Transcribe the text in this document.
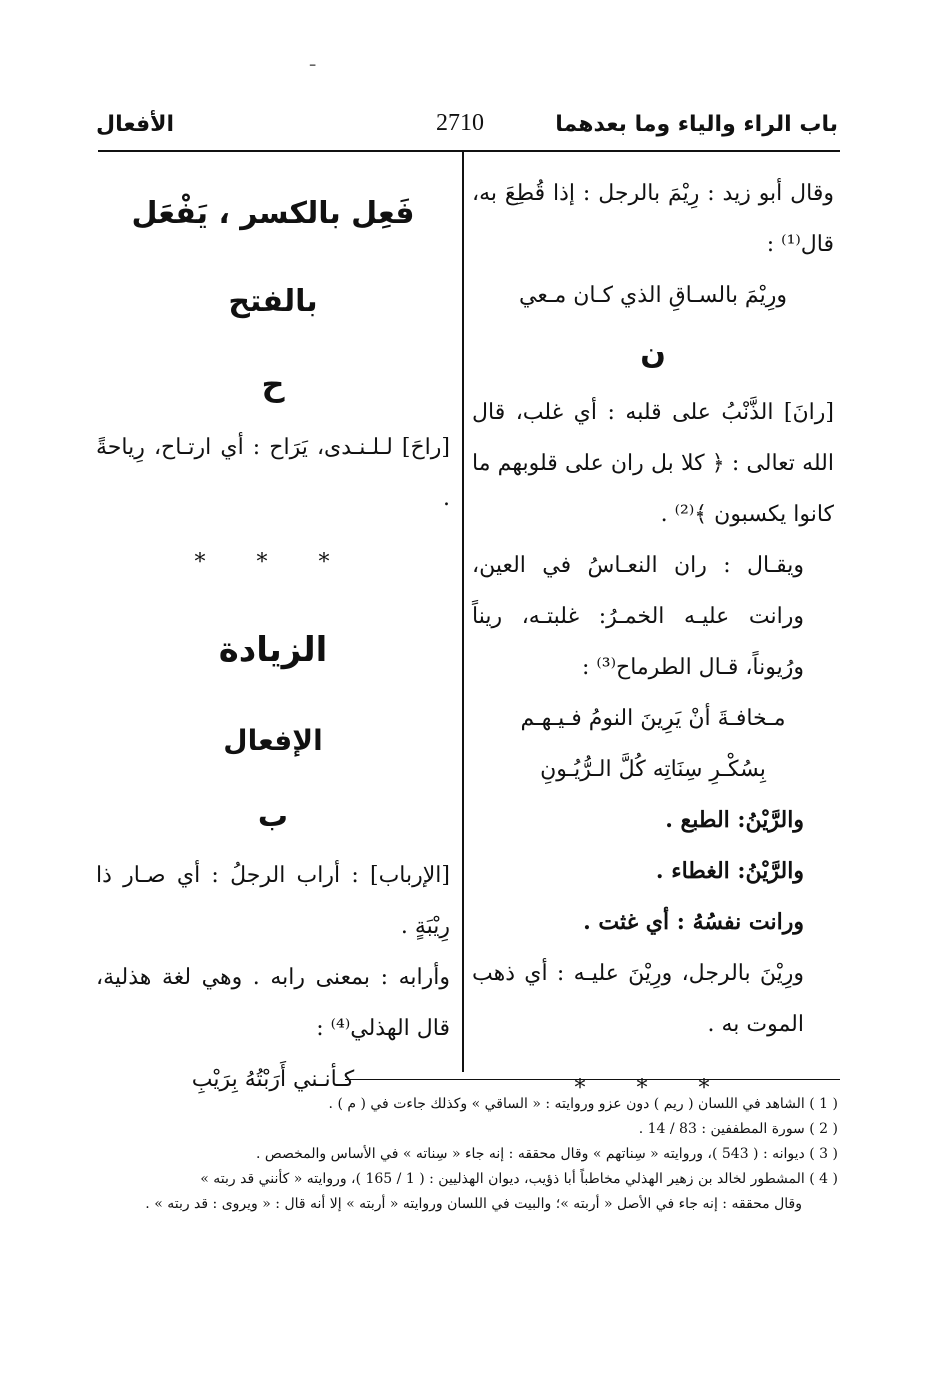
ـ
باب الراء والياء وما بعدهما
2710
الأفعال

وقال أبو زيد : رِيْمَ بالرجل : إذا قُطِعَ به، قال⁽¹⁾ :

ورِيْمَ بالسـاقِ الذي كـان مـعي

ن

[رانَ] الذَّنْبُ على قلبه : أي غلب، قال الله تعالى : ﴿ كلا بل ران على قلوبهم ما كانوا يكسبون ﴾⁽²⁾ .

ويقـال : ران النعـاسُ في العين، ورانت عليـه الخمـرُ: غلبتـه، ريناً ورُيوناً، قـال الطرماح⁽³⁾ :

مـخافـةَ أنْ يَرِينَ النومُ فـيـهـم

بِسُكْـرِ سِنَاتِه كُلَّ الـرُّيُـونِ

والرَّيْنُ: الطبع .

والرَّيْنُ: الغطاء .

ورانت نفسُهُ : أي غثت .

ورِيْنَ بالرجل، ورِيْنَ عليـه : أي ذهب الموت به .

* * *

فَعِل بالكسر ، يَفْعَل بالفتح

ح

[راحَ] لـلـنـدى، يَرَاح : أي ارتـاح، رِياحةً .

* * *

الزيادة

الإفعال

ب

[الإرباب] : أراب الرجلُ : أي صـار ذا رِيْبَةٍ .

وأرابه : بمعنى رابه . وهي لغة هذلية، قال الهذلي⁽⁴⁾ :

كـأنـني أَرَبْتُهُ بِرَيْبِ

( 1 ) الشاهد في اللسان ( ريم ) دون عزو وروايته : « الساقي » وكذلك جاءت في ( م ) .

( 2 ) سورة المطففين : 83 / 14 .

( 3 ) ديوانه : ( 543 )، وروايته « سِناتهم » وقال محققه : إنه جاء « سِناته » في الأساس والمخصص .

( 4 ) المشطور لخالد بن زهير الهذلي مخاطباً أبا ذؤيب، ديوان الهذليين : ( 1 / 165 )، وروايته « كأنني قد ربته »

وقال محققه : إنه جاء في الأصل « أربته »؛ والبيت في اللسان وروايته « أربته » إلا أنه قال : « ويروى : قد ربته » .
